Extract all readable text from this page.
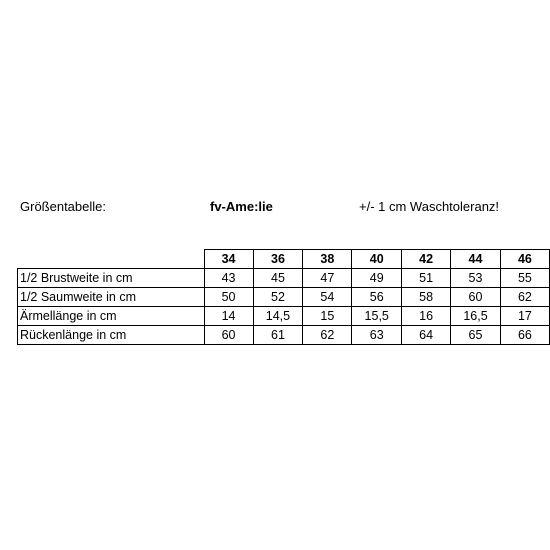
Größentabelle:	fv-Ame:lie	+/- 1 cm Waschtoleranz!
	34	36	38	40	42	44	46
1/2 Brustweite in cm	43	45	47	49	51	53	55
1/2 Saumweite in cm	50	52	54	56	58	60	62
Ärmellänge in cm	14	14,5	15	15,5	16	16,5	17
Rückenlänge in cm	60	61	62	63	64	65	66
